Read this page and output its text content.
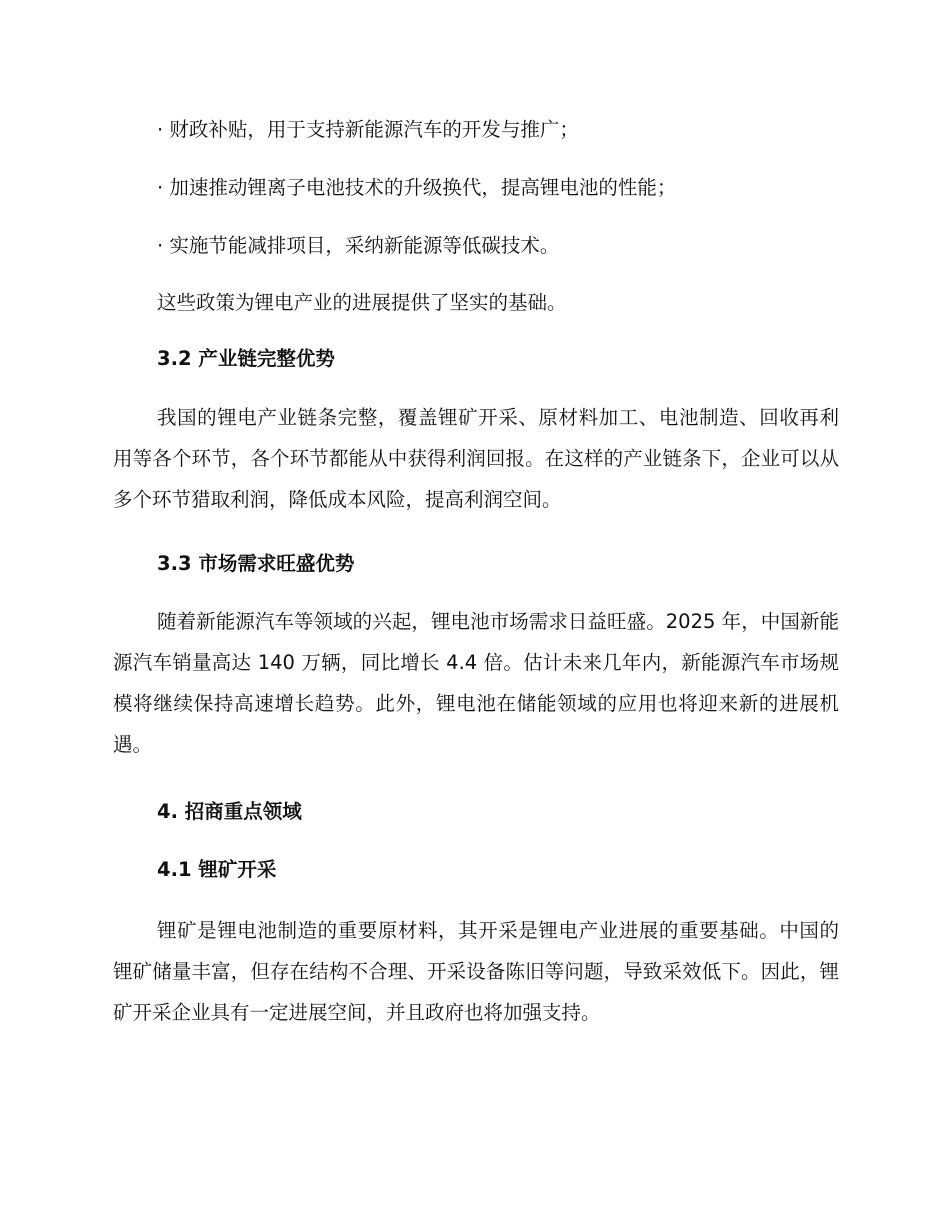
· 财政补贴，用于支持新能源汽车的开发与推广；
· 加速推动锂离子电池技术的升级换代，提高锂电池的性能；
· 实施节能减排项目，采纳新能源等低碳技术。
这些政策为锂电产业的进展提供了坚实的基础。
3.2 产业链完整优势
我国的锂电产业链条完整，覆盖锂矿开采、原材料加工、电池制造、回收再利用等各个环节，各个环节都能从中获得利润回报。在这样的产业链条下，企业可以从多个环节猎取利润，降低成本风险，提高利润空间。
3.3 市场需求旺盛优势
随着新能源汽车等领域的兴起，锂电池市场需求日益旺盛。2025 年，中国新能源汽车销量高达 140 万辆，同比增长 4.4 倍。估计未来几年内，新能源汽车市场规模将继续保持高速增长趋势。此外，锂电池在储能领域的应用也将迎来新的进展机遇。
4. 招商重点领域
4.1 锂矿开采
锂矿是锂电池制造的重要原材料，其开采是锂电产业进展的重要基础。中国的锂矿储量丰富，但存在结构不合理、开采设备陈旧等问题，导致采效低下。因此，锂矿开采企业具有一定进展空间，并且政府也将加强支持。
